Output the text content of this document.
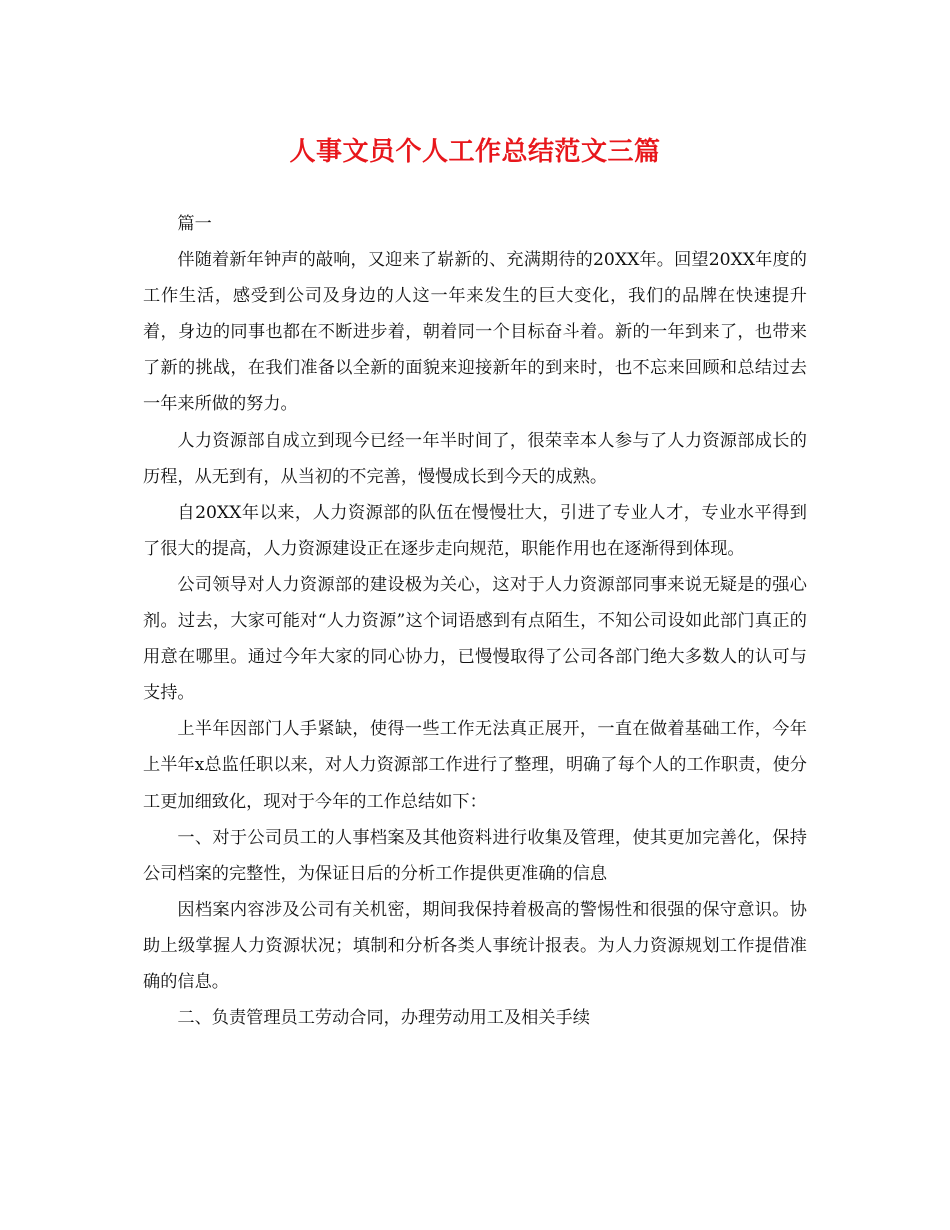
人事文员个人工作总结范文三篇

篇一

伴随着新年钟声的敲响，又迎来了崭新的、充满期待的20XX年。回望20XX年度的工作生活，感受到公司及身边的人这一年来发生的巨大变化，我们的品牌在快速提升着，身边的同事也都在不断进步着，朝着同一个目标奋斗着。新的一年到来了，也带来了新的挑战，在我们准备以全新的面貌来迎接新年的到来时，也不忘来回顾和总结过去一年来所做的努力。

人力资源部自成立到现今已经一年半时间了，很荣幸本人参与了人力资源部成长的历程，从无到有，从当初的不完善，慢慢成长到今天的成熟。

自20XX年以来，人力资源部的队伍在慢慢壮大，引进了专业人才，专业水平得到了很大的提高，人力资源建设正在逐步走向规范，职能作用也在逐渐得到体现。

公司领导对人力资源部的建设极为关心，这对于人力资源部同事来说无疑是的强心剂。过去，大家可能对“人力资源”这个词语感到有点陌生，不知公司设如此部门真正的用意在哪里。通过今年大家的同心协力，已慢慢取得了公司各部门绝大多数人的认可与支持。

上半年因部门人手紧缺，使得一些工作无法真正展开，一直在做着基础工作，今年上半年x总监任职以来，对人力资源部工作进行了整理，明确了每个人的工作职责，使分工更加细致化，现对于今年的工作总结如下：

一、对于公司员工的人事档案及其他资料进行收集及管理，使其更加完善化，保持公司档案的完整性，为保证日后的分析工作提供更准确的信息

因档案内容涉及公司有关机密，期间我保持着极高的警惕性和很强的保守意识。协助上级掌握人力资源状况；填制和分析各类人事统计报表。为人力资源规划工作提借准确的信息。

二、负责管理员工劳动合同，办理劳动用工及相关手续
